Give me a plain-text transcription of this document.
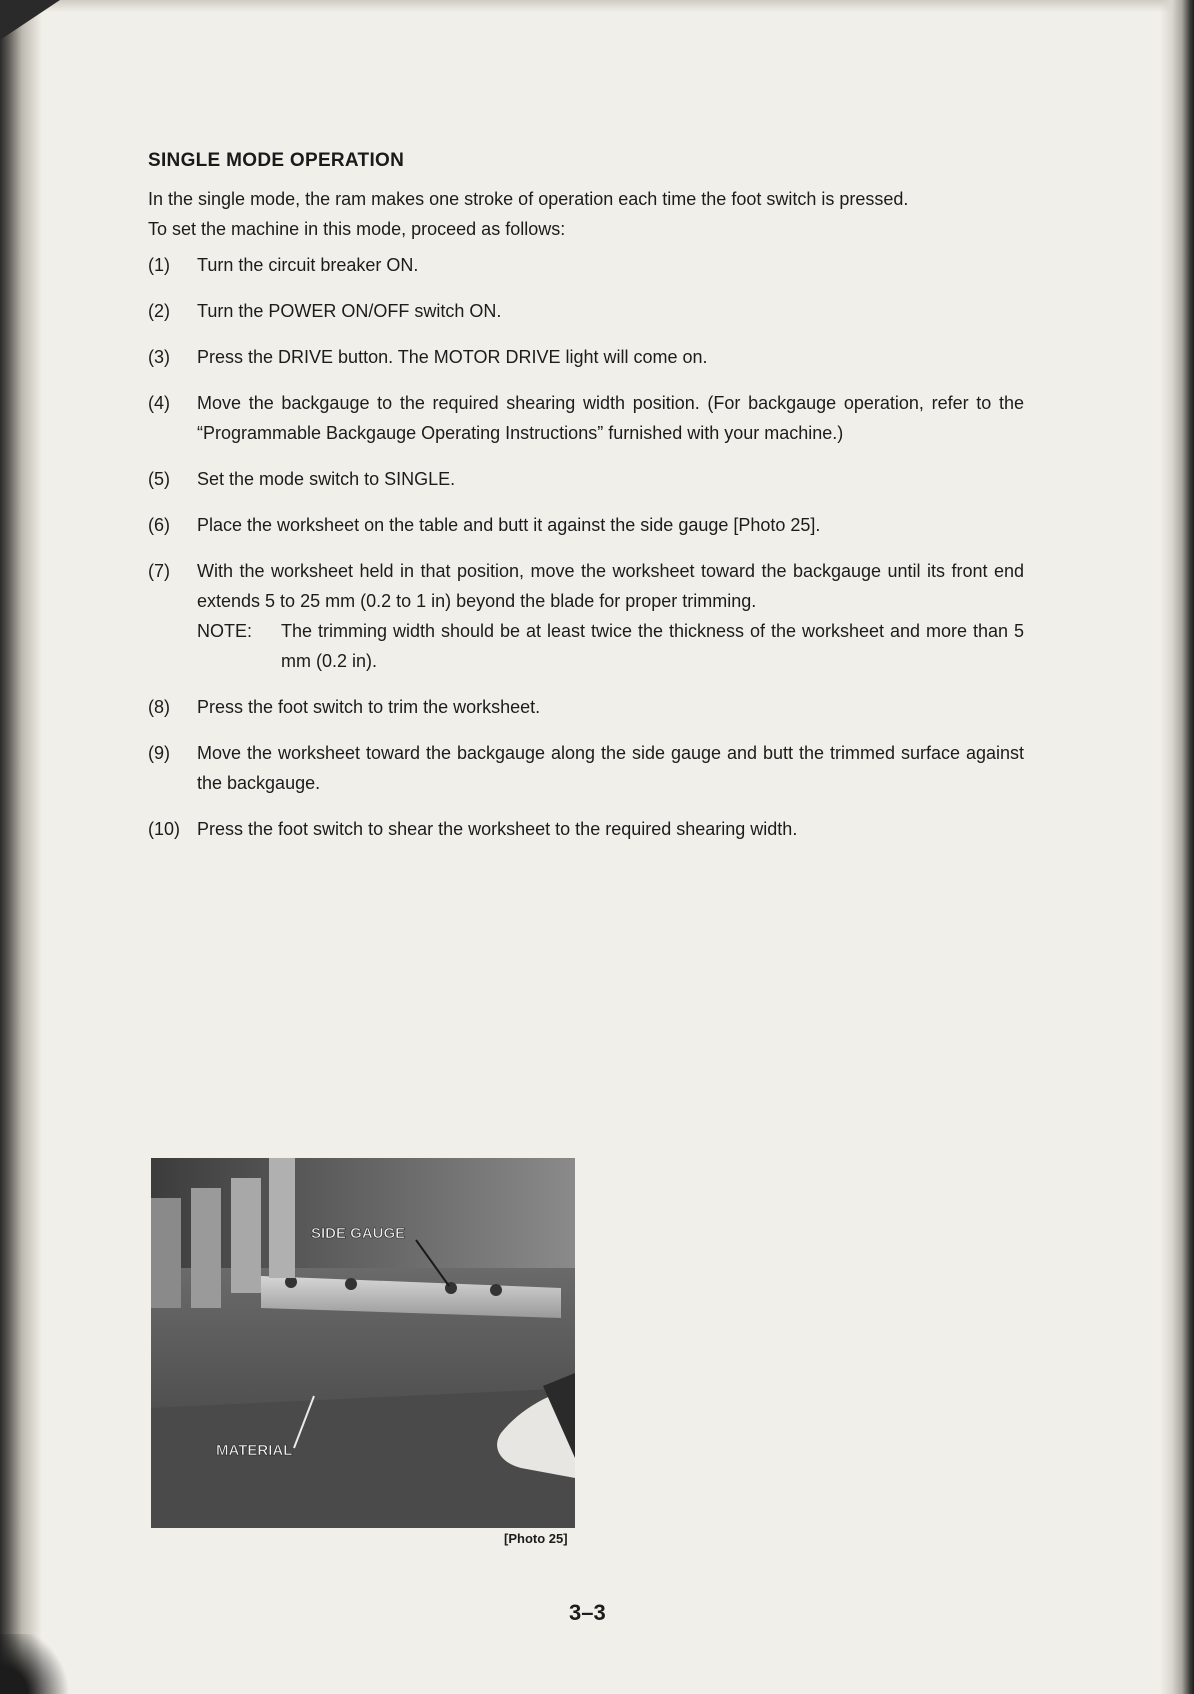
SINGLE MODE OPERATION

In the single mode, the ram makes one stroke of operation each time the foot switch is pressed.

To set the machine in this mode, proceed as follows:

(1) Turn the circuit breaker ON.
(2) Turn the POWER ON/OFF switch ON.
(3) Press the DRIVE button. The MOTOR DRIVE light will come on.
(4) Move the backgauge to the required shearing width position. (For backgauge operation, refer to the “Programmable Backgauge Operating Instructions” furnished with your machine.)
(5) Set the mode switch to SINGLE.
(6) Place the worksheet on the table and butt it against the side gauge [Photo 25].
(7) With the worksheet held in that position, move the worksheet toward the backgauge until its front end extends 5 to 25 mm (0.2 to 1 in) beyond the blade for proper trimming.
NOTE: The trimming width should be at least twice the thickness of the worksheet and more than 5 mm (0.2 in).
(8) Press the foot switch to trim the worksheet.
(9) Move the worksheet toward the backgauge along the side gauge and butt the trimmed surface against the backgauge.
(10) Press the foot switch to shear the worksheet to the required shearing width.
SIDE GAUGE
MATERIAL
[Photo 25]
3–3
